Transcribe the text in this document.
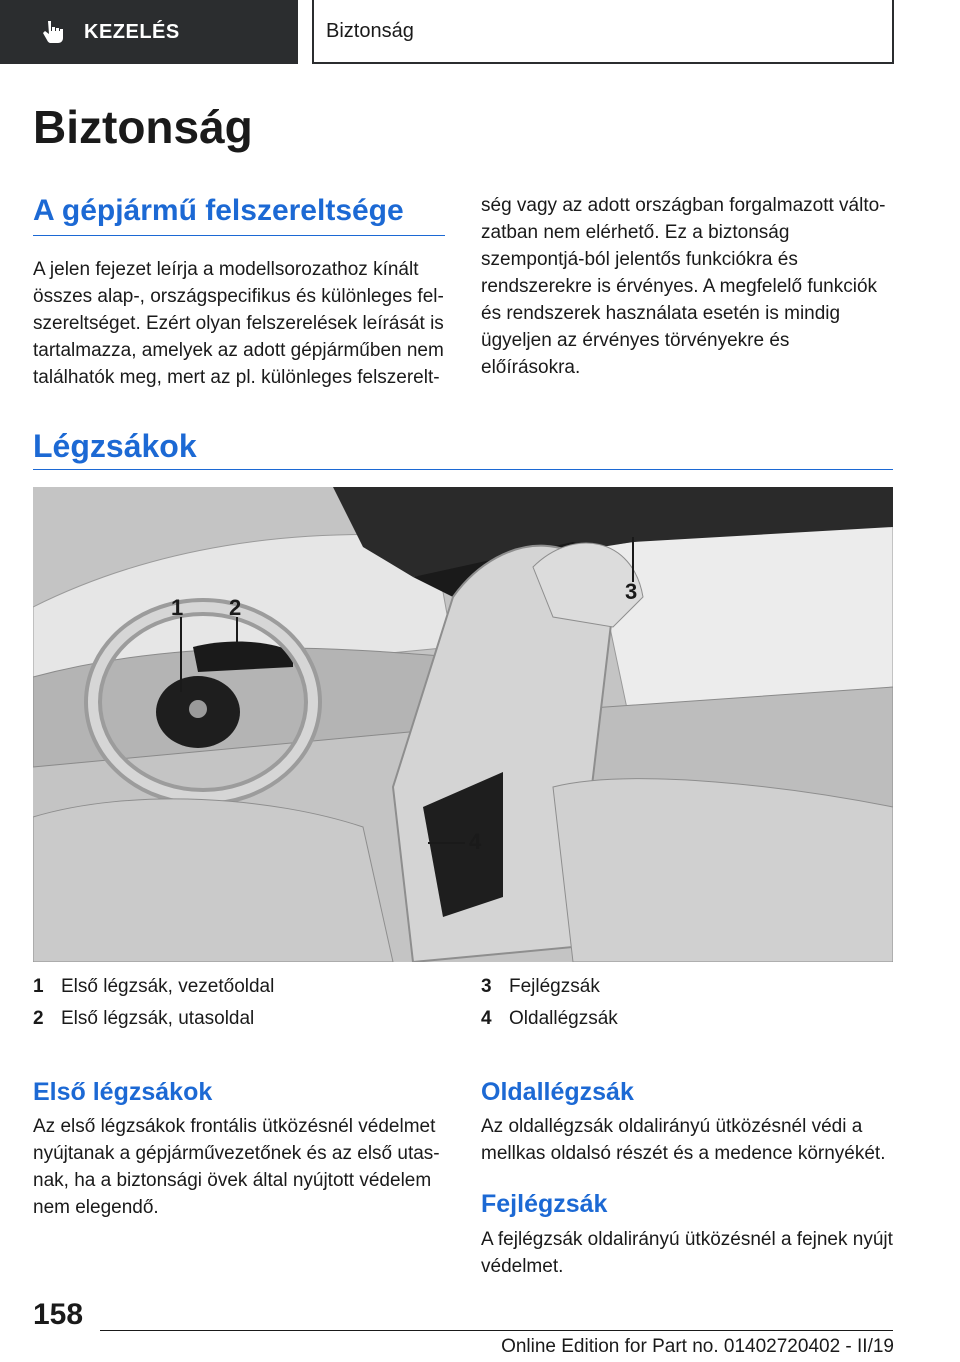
KEZELÉS	Biztonság
Biztonság
A gépjármű felszereltsége

A jelen fejezet leírja a modellsorozathoz kínált összes alap-, országspecifikus és különleges fel-szereltséget. Ezért olyan felszerelések leírását is tartalmazza, amelyek az adott gépjárműben nem találhatók meg, mert az pl. különleges felszerelt-

ség vagy az adott országban forgalmazott válto-zatban nem elérhető. Ez a biztonság szempontjá-ból jelentős funkciókra és rendszerekre is érvényes. A megfelelő funkciók és rendszerek használata esetén is mindig ügyeljen az érvényes törvényekre és előírásokra.

Légzsákok
1 2
3
4
1 Első légzsák, vezetőoldal
2 Első légzsák, utasoldal
3 Fejlégzsák
4 Oldallégzsák
Első légzsákok

Az első légzsákok frontális ütközésnél védelmet nyújtanak a gépjárművezetőnek és az első utas-nak, ha a biztonsági övek által nyújtott védelem nem elegendő.

Oldallégzsák

Az oldallégzsák oldalirányú ütközésnél védi a mellkas oldalsó részét és a medence környékét.

Fejlégzsák

A fejlégzsák oldalirányú ütközésnél a fejnek nyújt védelmet.

158
Online Edition for Part no. 01402720402 - II/19
